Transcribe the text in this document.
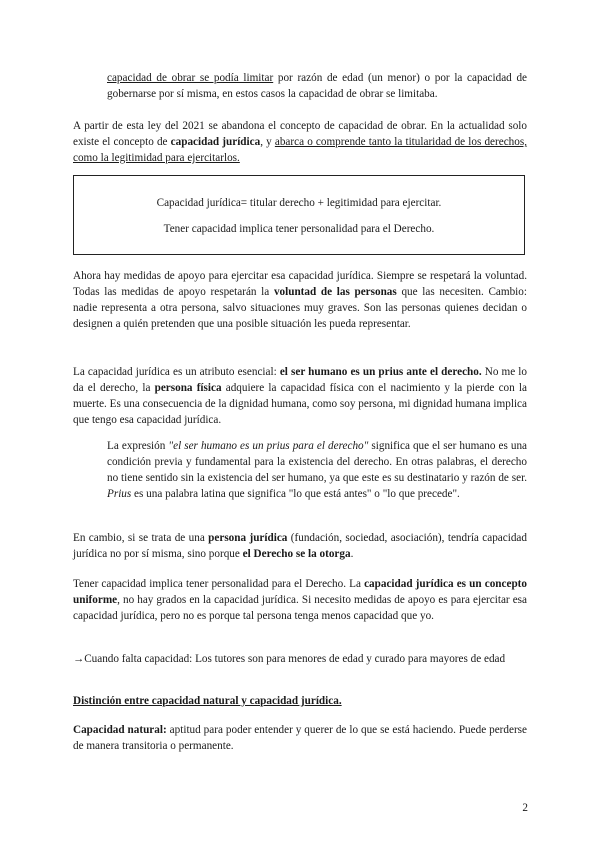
capacidad de obrar se podía limitar por razón de edad (un menor) o por la capacidad de gobernarse por sí misma, en estos casos la capacidad de obrar se limitaba.

A partir de esta ley del 2021 se abandona el concepto de capacidad de obrar. En la actualidad solo existe el concepto de capacidad jurídica, y abarca o comprende tanto la titularidad de los derechos, como la legitimidad para ejercitarlos.

Capacidad jurídica= titular derecho + legitimidad para ejercitar.

Tener capacidad implica tener personalidad para el Derecho.

Ahora hay medidas de apoyo para ejercitar esa capacidad jurídica. Siempre se respetará la voluntad. Todas las medidas de apoyo respetarán la voluntad de las personas que las necesiten. Cambio: nadie representa a otra persona, salvo situaciones muy graves. Son las personas quienes decidan o designen a quién pretenden que una posible situación les pueda representar.

La capacidad jurídica es un atributo esencial: el ser humano es un prius ante el derecho. No me lo da el derecho, la persona física adquiere la capacidad física con el nacimiento y la pierde con la muerte. Es una consecuencia de la dignidad humana, como soy persona, mi dignidad humana implica que tengo esa capacidad jurídica.

La expresión "el ser humano es un prius para el derecho" significa que el ser humano es una condición previa y fundamental para la existencia del derecho. En otras palabras, el derecho no tiene sentido sin la existencia del ser humano, ya que este es su destinatario y razón de ser. Prius es una palabra latina que significa "lo que está antes" o "lo que precede".

En cambio, si se trata de una persona jurídica (fundación, sociedad, asociación), tendría capacidad jurídica no por sí misma, sino porque el Derecho se la otorga.

Tener capacidad implica tener personalidad para el Derecho. La capacidad jurídica es un concepto uniforme, no hay grados en la capacidad jurídica. Si necesito medidas de apoyo es para ejercitar esa capacidad jurídica, pero no es porque tal persona tenga menos capacidad que yo.

→Cuando falta capacidad: Los tutores son para menores de edad y curado para mayores de edad

Distinción entre capacidad natural y capacidad jurídica.

Capacidad natural: aptitud para poder entender y querer de lo que se está haciendo. Puede perderse de manera transitoria o permanente.

2
